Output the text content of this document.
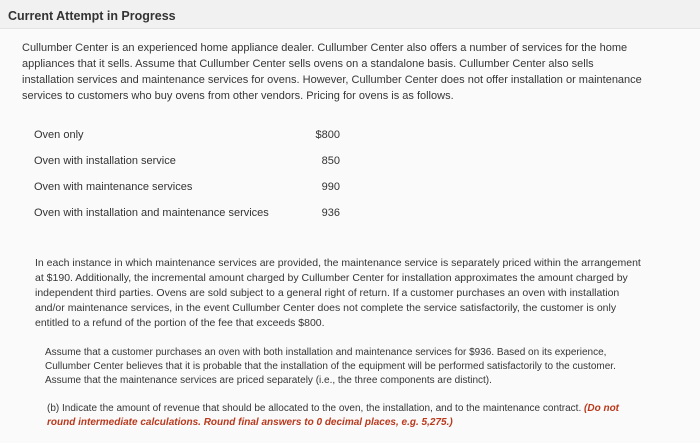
Current Attempt in Progress
Cullumber Center is an experienced home appliance dealer. Cullumber Center also offers a number of services for the home appliances that it sells. Assume that Cullumber Center sells ovens on a standalone basis. Cullumber Center also sells installation services and maintenance services for ovens. However, Cullumber Center does not offer installation or maintenance services to customers who buy ovens from other vendors. Pricing for ovens is as follows.
Oven only	$800
Oven with installation service	850
Oven with maintenance services	990
Oven with installation and maintenance services	936
In each instance in which maintenance services are provided, the maintenance service is separately priced within the arrangement at $190. Additionally, the incremental amount charged by Cullumber Center for installation approximates the amount charged by independent third parties. Ovens are sold subject to a general right of return. If a customer purchases an oven with installation and/or maintenance services, in the event Cullumber Center does not complete the service satisfactorily, the customer is only entitled to a refund of the portion of the fee that exceeds $800.
Assume that a customer purchases an oven with both installation and maintenance services for $936. Based on its experience, Cullumber Center believes that it is probable that the installation of the equipment will be performed satisfactorily to the customer. Assume that the maintenance services are priced separately (i.e., the three components are distinct).
(b) Indicate the amount of revenue that should be allocated to the oven, the installation, and to the maintenance contract. (Do not round intermediate calculations. Round final answers to 0 decimal places, e.g. 5,275.)
